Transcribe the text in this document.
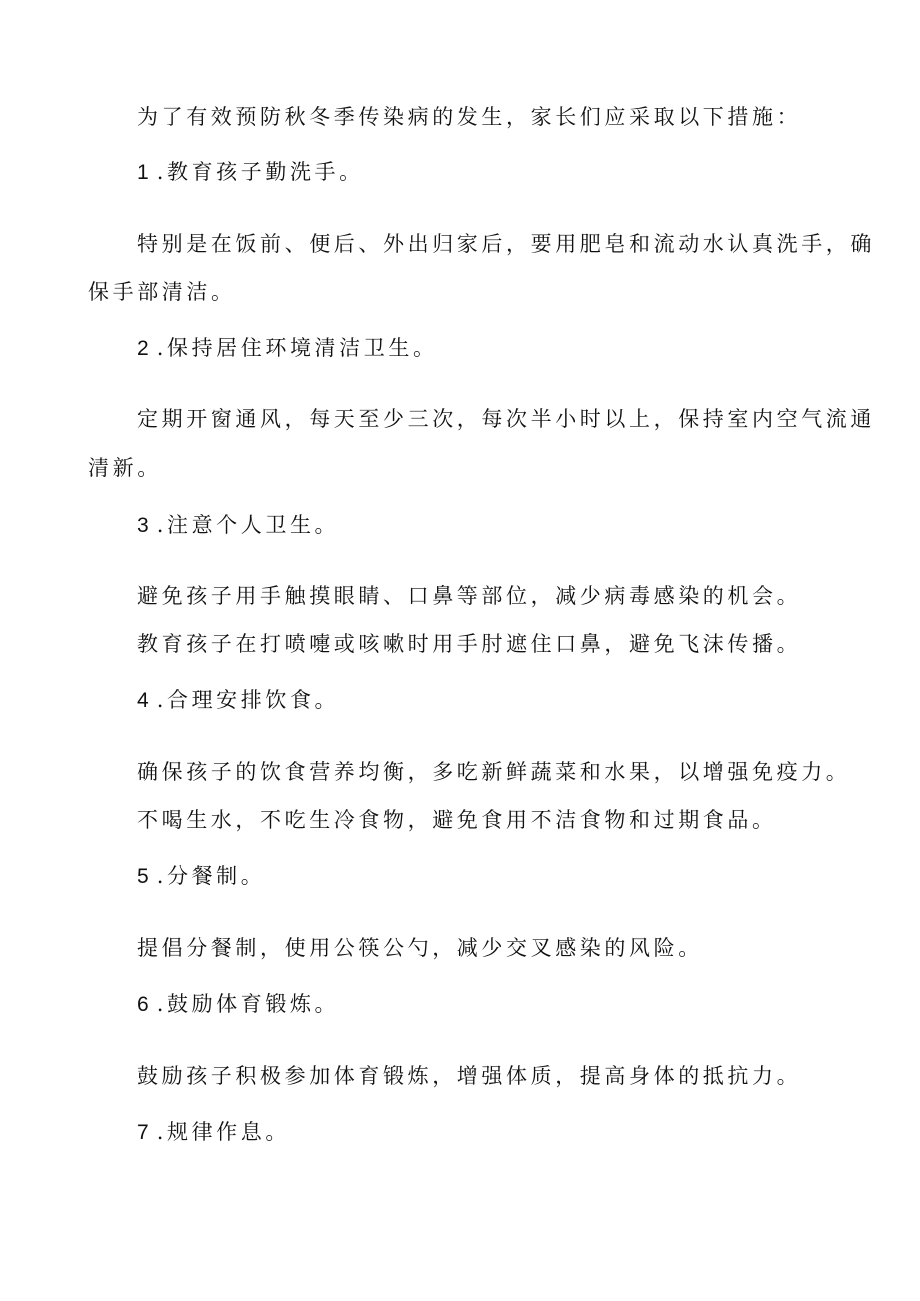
为了有效预防秋冬季传染病的发生，家长们应采取以下措施：
1 .教育孩子勤洗手。
特别是在饭前、便后、外出归家后，要用肥皂和流动水认真洗手，确
保手部清洁。
2 .保持居住环境清洁卫生。
定期开窗通风，每天至少三次，每次半小时以上，保持室内空气流通
清新。
3 .注意个人卫生。
避免孩子用手触摸眼睛、口鼻等部位，减少病毒感染的机会。
教育孩子在打喷嚏或咳嗽时用手肘遮住口鼻，避免飞沫传播。
4 .合理安排饮食。
确保孩子的饮食营养均衡，多吃新鲜蔬菜和水果，以增强免疫力。
不喝生水，不吃生冷食物，避免食用不洁食物和过期食品。
5 .分餐制。
提倡分餐制，使用公筷公勺，减少交叉感染的风险。
6 .鼓励体育锻炼。
鼓励孩子积极参加体育锻炼，增强体质，提高身体的抵抗力。
7 .规律作息。
